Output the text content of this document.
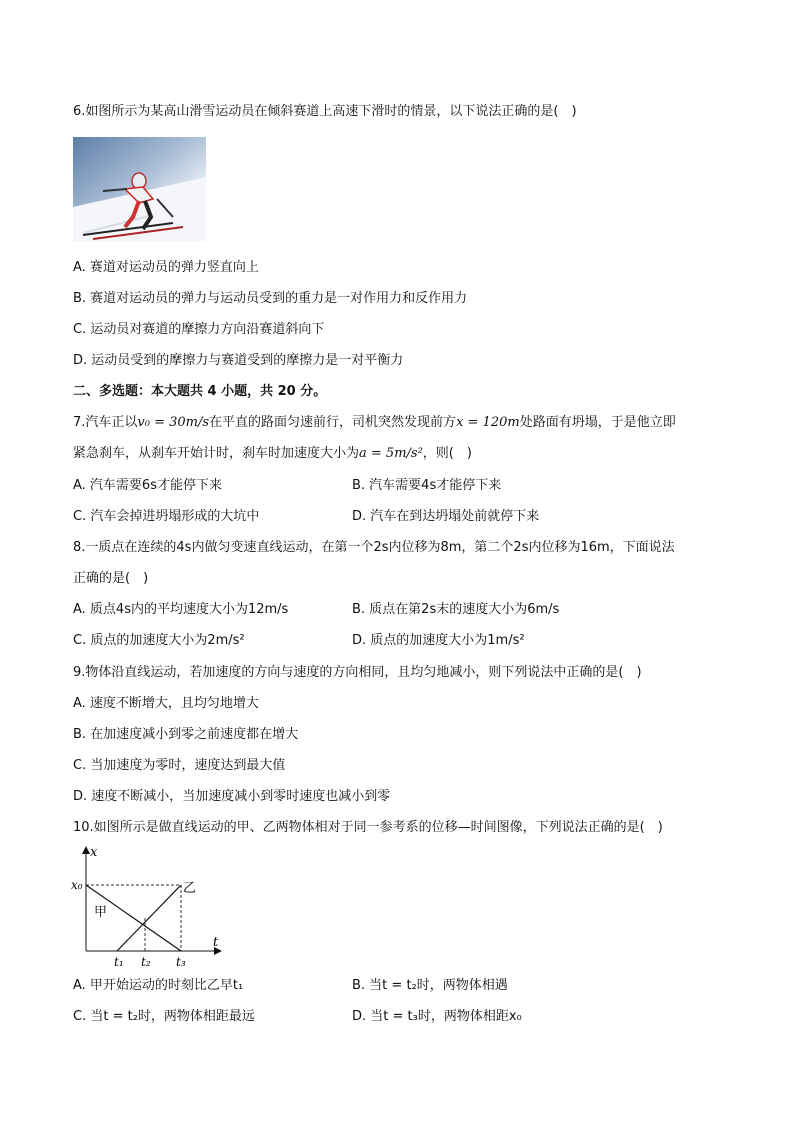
6.如图所示为某高山滑雪运动员在倾斜赛道上高速下滑时的情景，以下说法正确的是(　)
A. 赛道对运动员的弹力竖直向上
B. 赛道对运动员的弹力与运动员受到的重力是一对作用力和反作用力
C. 运动员对赛道的摩擦力方向沿赛道斜向下
D. 运动员受到的摩擦力与赛道受到的摩擦力是一对平衡力
二、多选题：本大题共 4 小题，共 20 分。
7.汽车正以v₀ = 30m/s在平直的路面匀速前行，司机突然发现前方x = 120m处路面有坍塌，于是他立即
紧急刹车，从刹车开始计时，刹车时加速度大小为a = 5m/s²，则(　)
A. 汽车需要6s才能停下来	B. 汽车需要4s才能停下来
C. 汽车会掉进坍塌形成的大坑中	D. 汽车在到达坍塌处前就停下来
8.一质点在连续的4s内做匀变速直线运动，在第一个2s内位移为8m，第二个2s内位移为16m，下面说法
正确的是(　)
A. 质点4s内的平均速度大小为12m/s	B. 质点在第2s末的速度大小为6m/s
C. 质点的加速度大小为2m/s²	D. 质点的加速度大小为1m/s²
9.物体沿直线运动，若加速度的方向与速度的方向相同，且均匀地减小，则下列说法中正确的是(　)
A. 速度不断增大，且均匀地增大
B. 在加速度减小到零之前速度都在增大
C. 当加速度为零时，速度达到最大值
D. 速度不断减小，当加速度减小到零时速度也减小到零
10.如图所示是做直线运动的甲、乙两物体相对于同一参考系的位移—时间图像，下列说法正确的是(　)
x
t
x₀
t₁ t₂ t₃
甲
乙
A. 甲开始运动的时刻比乙早t₁	B. 当t = t₂时，两物体相遇
C. 当t = t₂时，两物体相距最远	D. 当t = t₃时，两物体相距x₀
